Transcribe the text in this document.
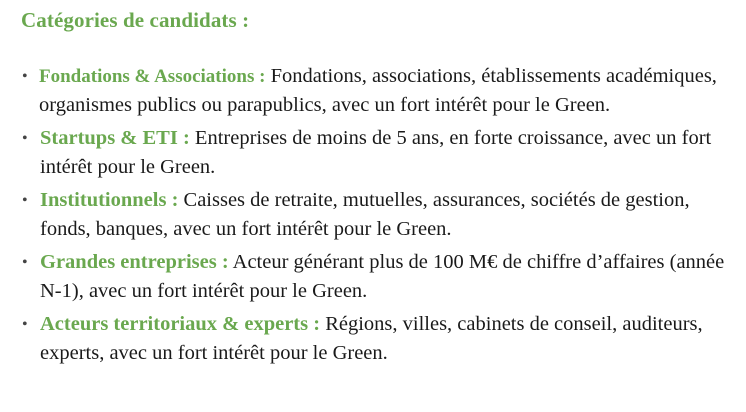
Catégories de candidats :
• Fondations & Associations : Fondations, associations, établissements académiques, organismes publics ou parapublics, avec un fort intérêt pour le Green.
• Startups & ETI : Entreprises de moins de 5 ans, en forte croissance, avec un fort intérêt pour le Green.
• Institutionnels : Caisses de retraite, mutuelles, assurances, sociétés de gestion, fonds, banques, avec un fort intérêt pour le Green.
• Grandes entreprises : Acteur générant plus de 100 M€ de chiffre d’affaires (année N-1), avec un fort intérêt pour le Green.
• Acteurs territoriaux & experts : Régions, villes, cabinets de conseil, auditeurs, experts, avec un fort intérêt pour le Green.
